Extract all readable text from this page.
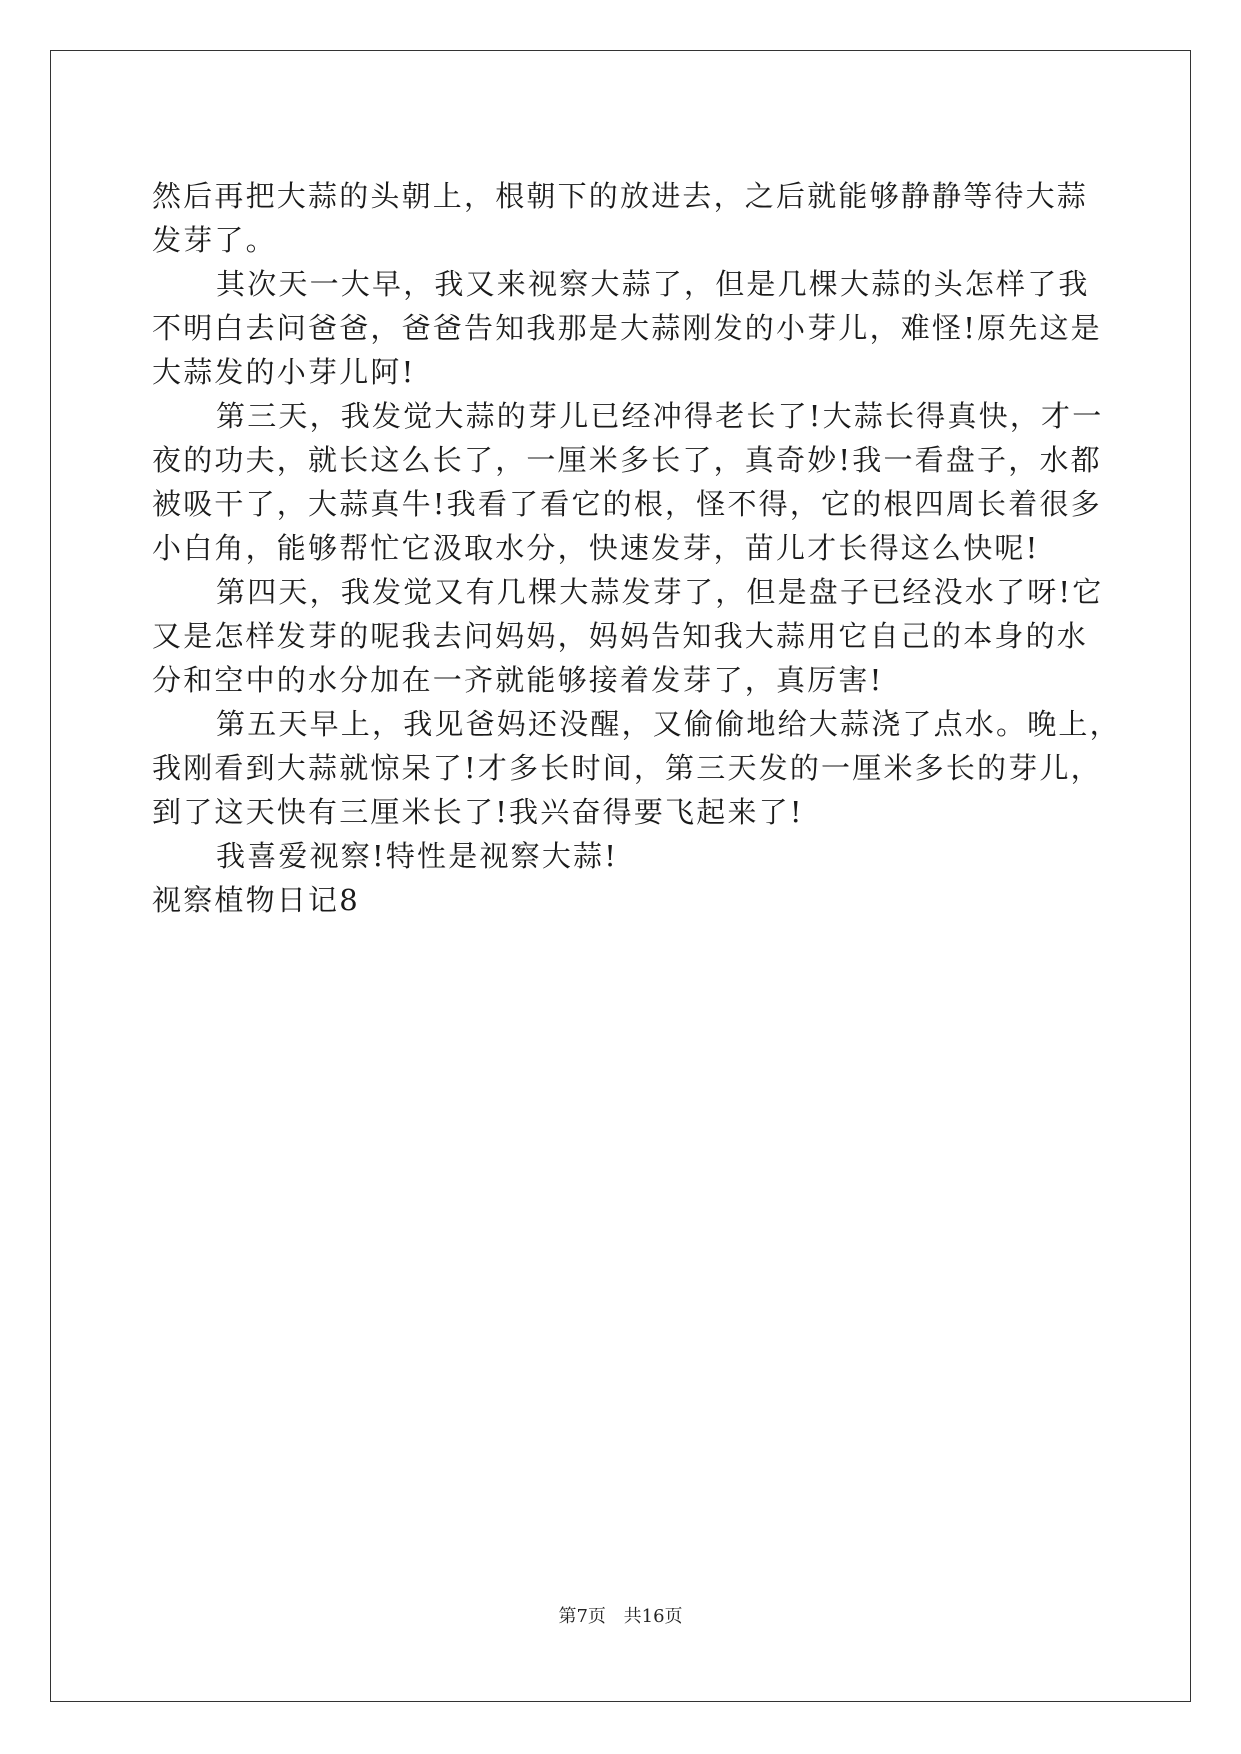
然后再把大蒜的头朝上，根朝下的放进去，之后就能够静静等待大蒜
发芽了。
其次天一大早，我又来视察大蒜了，但是几棵大蒜的头怎样了我
不明白去问爸爸，爸爸告知我那是大蒜刚发的小芽儿，难怪!原先这是
大蒜发的小芽儿阿!
第三天，我发觉大蒜的芽儿已经冲得老长了!大蒜长得真快，才一
夜的功夫，就长这么长了，一厘米多长了，真奇妙!我一看盘子，水都
被吸干了，大蒜真牛!我看了看它的根，怪不得，它的根四周长着很多
小白角，能够帮忙它汲取水分，快速发芽，苗儿才长得这么快呢!
第四天，我发觉又有几棵大蒜发芽了，但是盘子已经没水了呀!它
又是怎样发芽的呢我去问妈妈，妈妈告知我大蒜用它自己的本身的水
分和空中的水分加在一齐就能够接着发芽了，真厉害!
第五天早上，我见爸妈还没醒，又偷偷地给大蒜浇了点水。晚上，
我刚看到大蒜就惊呆了!才多长时间，第三天发的一厘米多长的芽儿，
到了这天快有三厘米长了!我兴奋得要飞起来了!
我喜爱视察!特性是视察大蒜!
视察植物日记8
第7页 共16页
